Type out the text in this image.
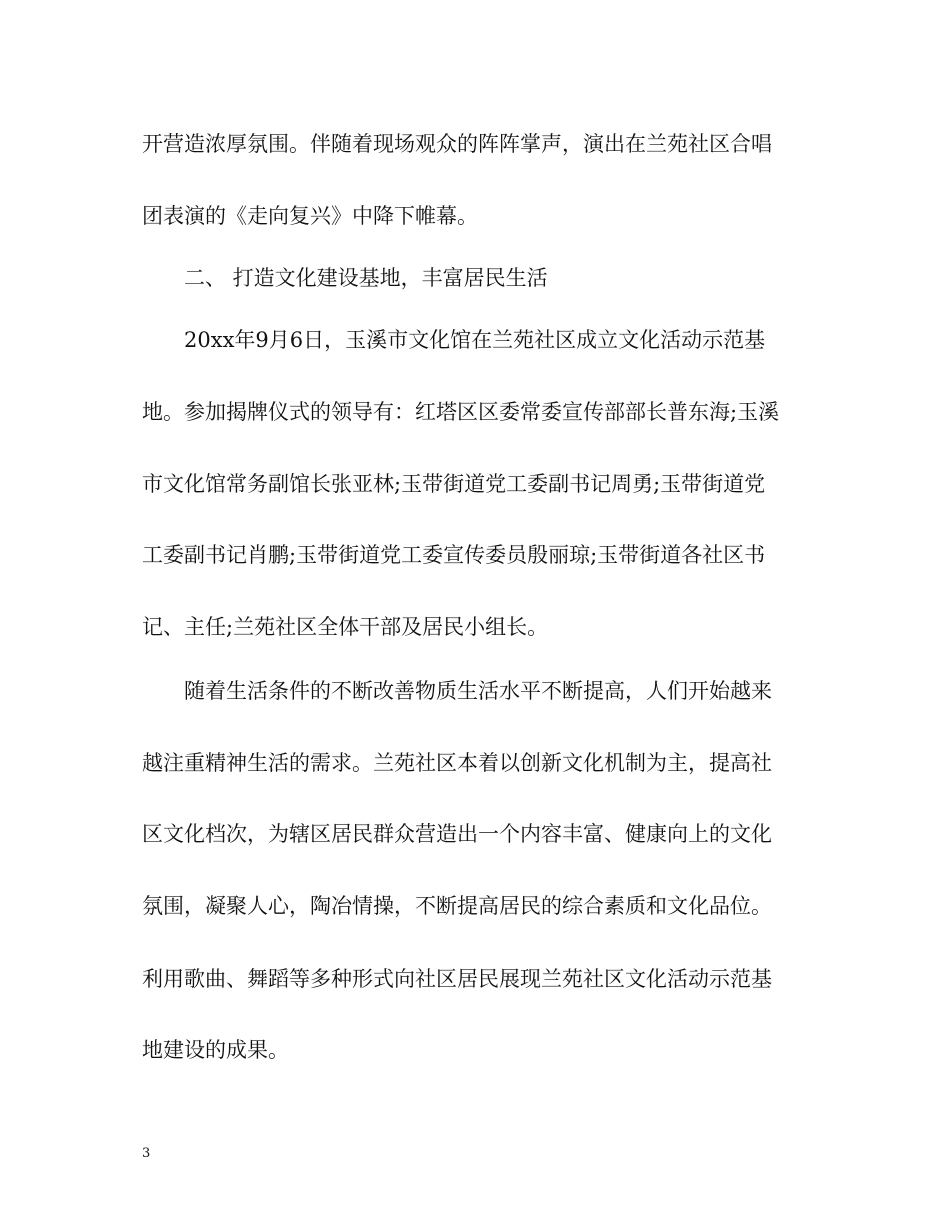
开营造浓厚氛围。伴随着现场观众的阵阵掌声，演出在兰苑社区合唱
团表演的《走向复兴》中降下帷幕。
二、 打造文化建设基地，丰富居民生活
20xx年9月6日，玉溪市文化馆在兰苑社区成立文化活动示范基
地。参加揭牌仪式的领导有：红塔区区委常委宣传部部长普东海;玉溪
市文化馆常务副馆长张亚林;玉带街道党工委副书记周勇;玉带街道党
工委副书记肖鹏;玉带街道党工委宣传委员殷丽琼;玉带街道各社区书
记、主任;兰苑社区全体干部及居民小组长。
随着生活条件的不断改善物质生活水平不断提高，人们开始越来
越注重精神生活的需求。兰苑社区本着以创新文化机制为主，提高社
区文化档次，为辖区居民群众营造出一个内容丰富、健康向上的文化
氛围，凝聚人心，陶冶情操，不断提高居民的综合素质和文化品位。
利用歌曲、舞蹈等多种形式向社区居民展现兰苑社区文化活动示范基
地建设的成果。
3
